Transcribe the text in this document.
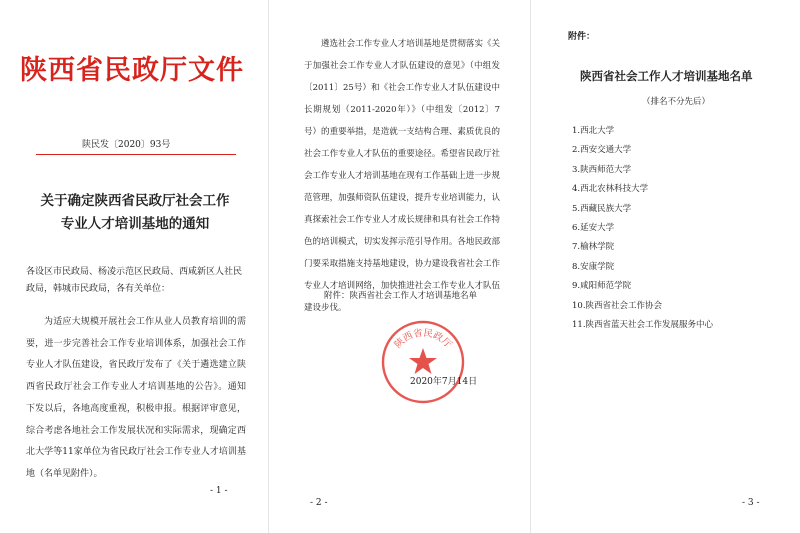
陕西省民政厅文件
陕民发〔2020〕93号
关于确定陕西省民政厅社会工作专业人才培训基地的通知
各设区市民政局、杨凌示范区民政局、西咸新区人社民政局，韩城市民政局，各有关单位：
为适应大规模开展社会工作从业人员教育培训的需要，进一步完善社会工作专业培训体系，加强社会工作专业人才队伍建设，省民政厅发布了《关于遴选建立陕西省民政厅社会工作专业人才培训基地的公告》。通知下发以后，各地高度重视，积极申报。根据评审意见，综合考虑各地社会工作发展状况和实际需求，现确定西北大学等11家单位为省民政厅社会工作专业人才培训基地（名单见附件）。
- 1 -
遴选社会工作专业人才培训基地是贯彻落实《关于加强社会工作专业人才队伍建设的意见》（中组发〔2011〕25号）和《社会工作专业人才队伍建设中长期规划（2011-2020年）》（中组发〔2012〕7号）的重要举措，是造就一支结构合理、素质优良的社会工作专业人才队伍的重要途径。希望省民政厅社会工作专业人才培训基地在现有工作基础上进一步规范管理，加强师资队伍建设，提升专业培训能力，认真探索社会工作专业人才成长规律和具有社会工作特色的培训模式，切实发挥示范引导作用。各地民政部门要采取措施支持基地建设，协力建设我省社会工作专业人才培训网络，加快推进社会工作专业人才队伍建设步伐。
附件：陕西省社会工作人才培训基地名单
陕西省民政厅
2020年7月14日
- 2 -
附件：
陕西省社会工作人才培训基地名单
（排名不分先后）
1.西北大学
2.西安交通大学
3.陕西师范大学
4.西北农林科技大学
5.西藏民族大学
6.延安大学
7.榆林学院
8.安康学院
9.咸阳师范学院
10.陕西省社会工作协会
11.陕西省蓝天社会工作发展服务中心
- 3 -
